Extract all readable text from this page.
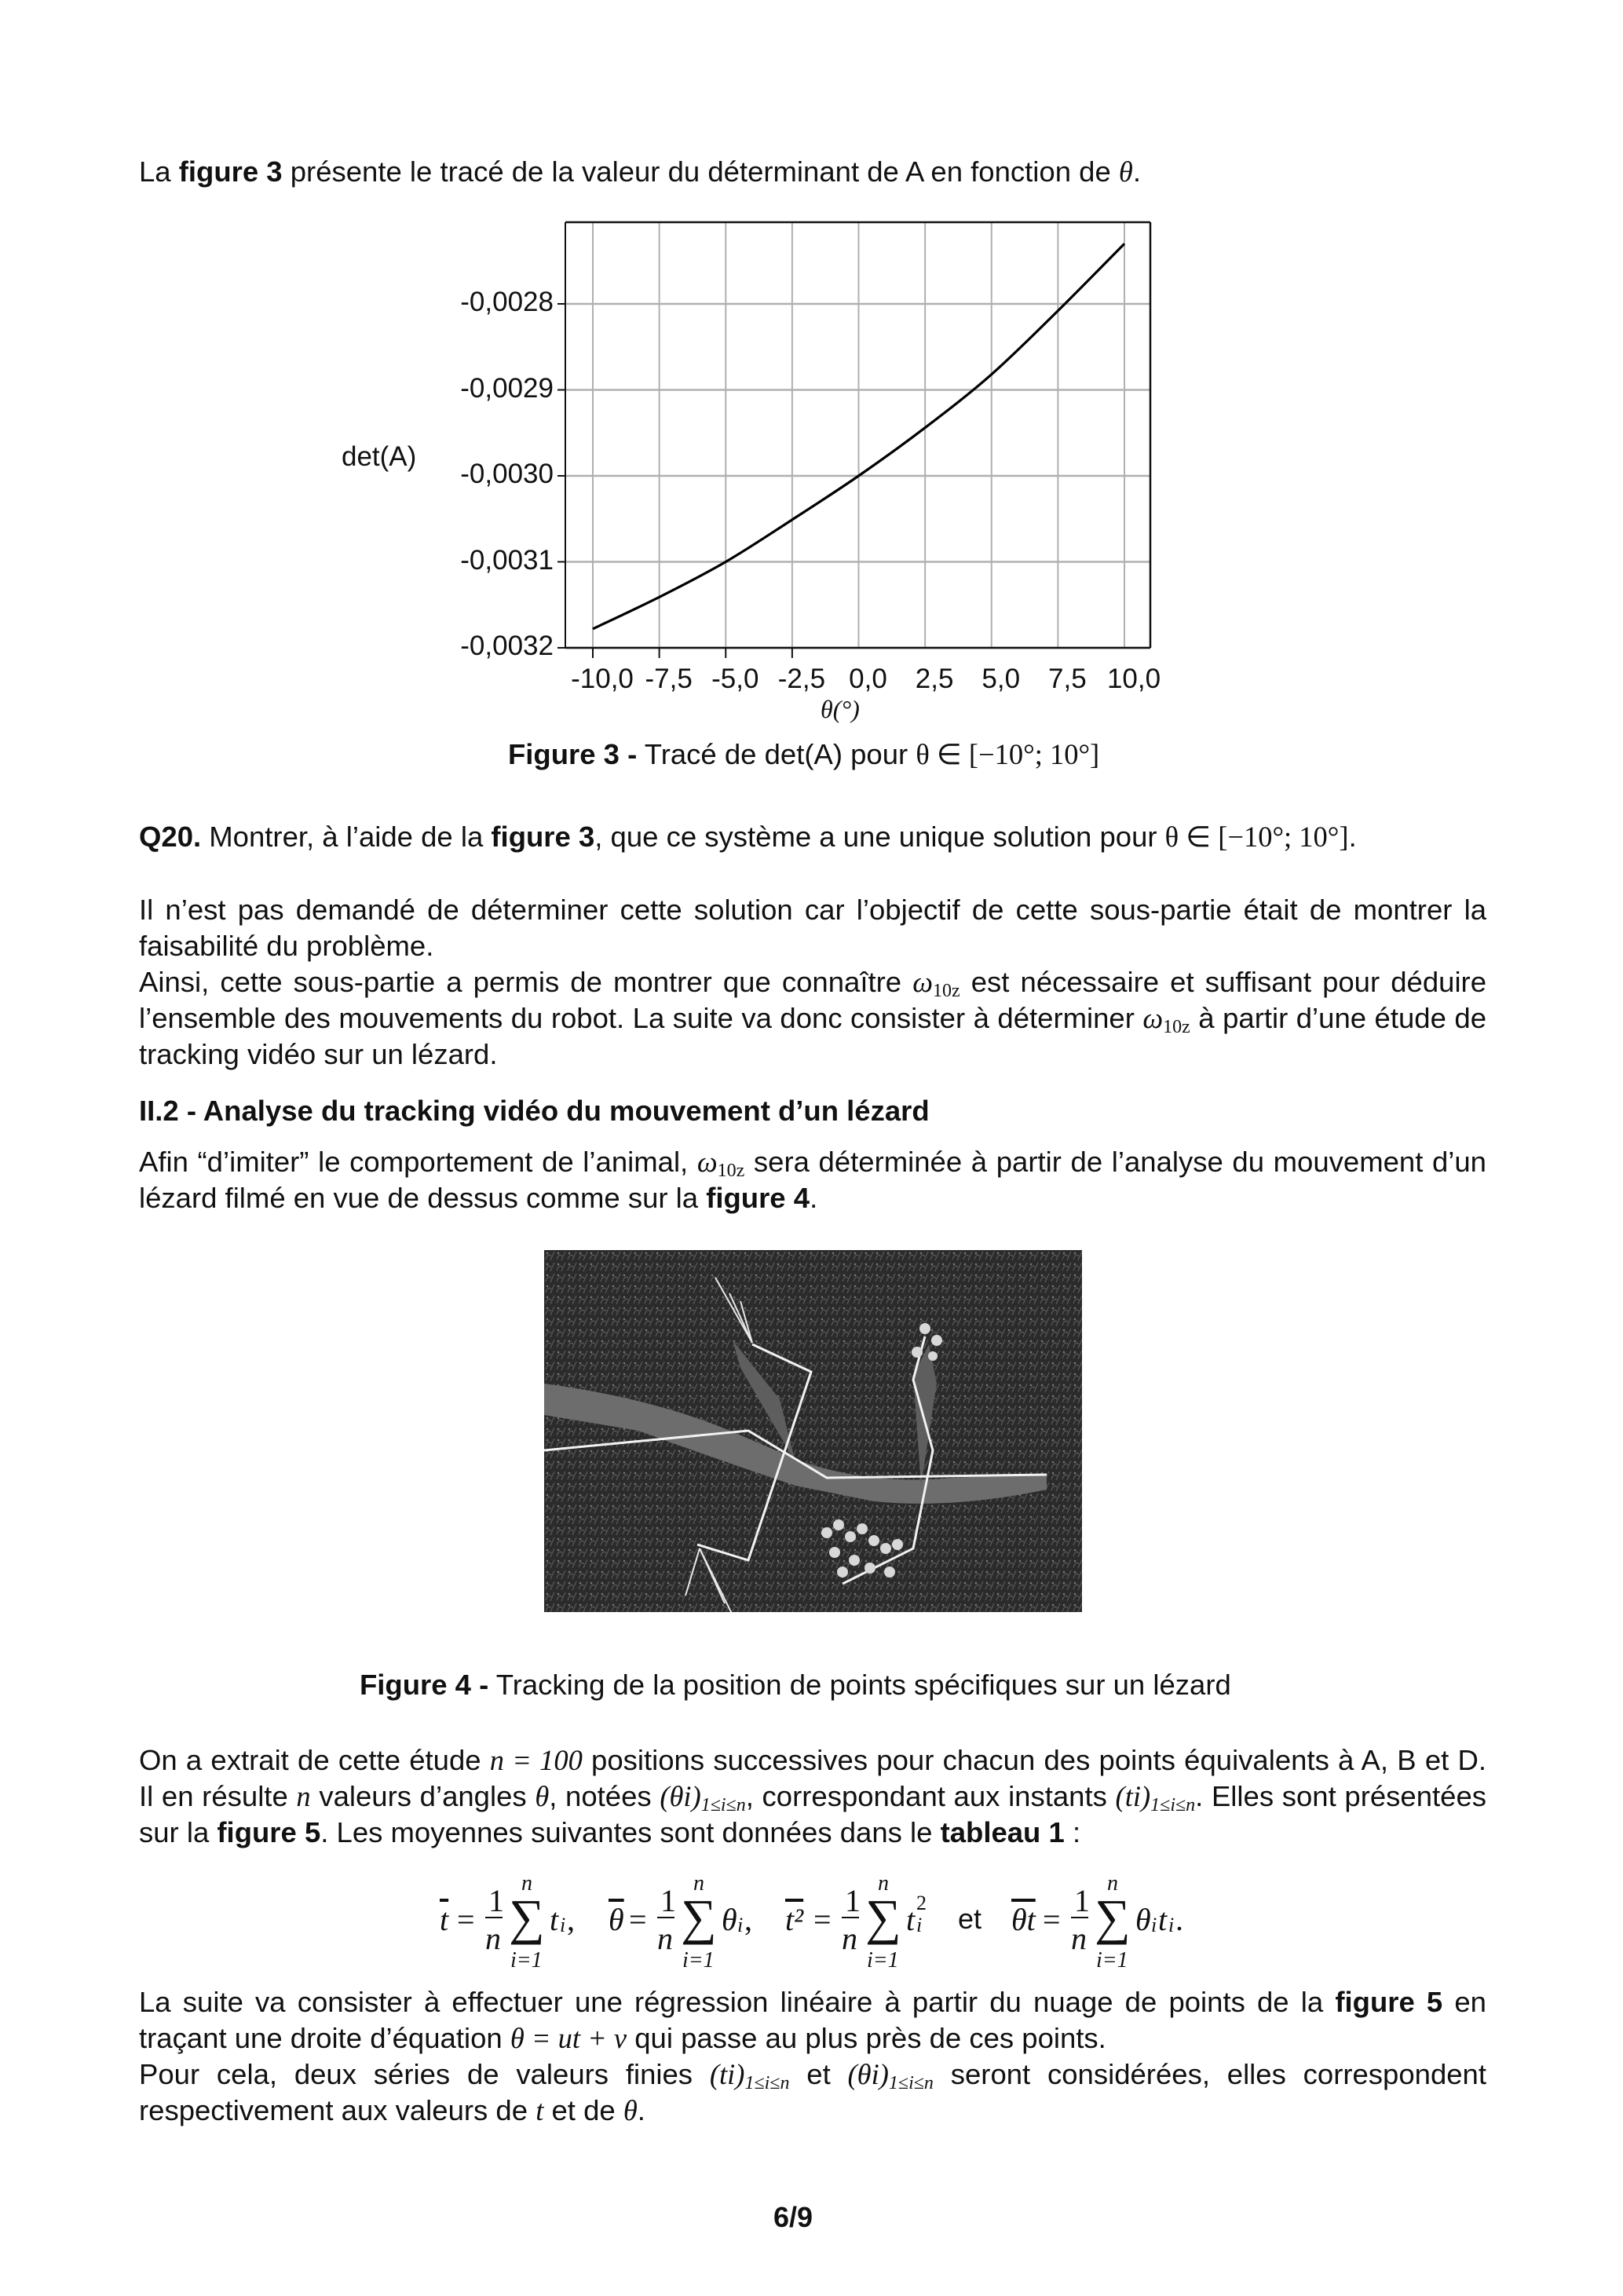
La figure 3 présente le tracé de la valeur du déterminant de A en fonction de θ.
det(A)
-0,0028
-0,0029
-0,0030
-0,0031
-0,0032
-10,0 -7,5 -5,0 -2,5 0,0	2,5	5,0	7,5 10,0
θ(°)
Figure 3 - Tracé de det(A) pour θ ∈ [−10°; 10°]
Q20. Montrer, à l’aide de la figure 3, que ce système a une unique solution pour θ ∈ [−10°; 10°].
Il n’est pas demandé de déterminer cette solution car l’objectif de cette sous-partie était de montrer la faisabilité du problème.
Ainsi, cette sous-partie a permis de montrer que connaître $\omega_{10z}$ est nécessaire et suffisant pour déduire l’ensemble des mouvements du robot. La suite va donc consister à déterminer $\omega_{10z}$ à partir d’une étude de tracking vidéo sur un lézard.
II.2 - Analyse du tracking vidéo du mouvement d’un lézard
Afin “d’imiter” le comportement de l’animal, $\omega_{10z}$ sera déterminée à partir de l’analyse du mouvement d’un lézard filmé en vue de dessus comme sur la figure 4.
Figure 4 - Tracking de la position de points spécifiques sur un lézard
On a extrait de cette étude n = 100 positions successives pour chacun des points équivalents à A, B et D. Il en résulte n valeurs d’angles θ, notées $(\theta i)_{1\le i\le n}$, correspondant aux instants $(ti)_{1\le i\le n}$. Elles sont présentées sur la figure 5. Les moyennes suivantes sont données dans le tableau 1 :
$\overline{t}$ =
1
n
n
∑
i=1
t i , $\overline{\theta}$ =
1
n
n
∑
i=1
θ i , t² =
1
n
n
∑
i=1
t 2
i et $\overline{\theta t}$ =
1
n
n
∑
i=1
θ i t i .
La suite va consister à effectuer une régression linéaire à partir du nuage de points de la figure 5 en traçant une droite d’équation θ = ut + v qui passe au plus près de ces points.
Pour cela, deux séries de valeurs finies $(ti)_{1\le i\le n}$ et $(\theta i)_{1\le i\le n}$ seront considérées, elles correspondent respectivement aux valeurs de t et de θ.
6/9
